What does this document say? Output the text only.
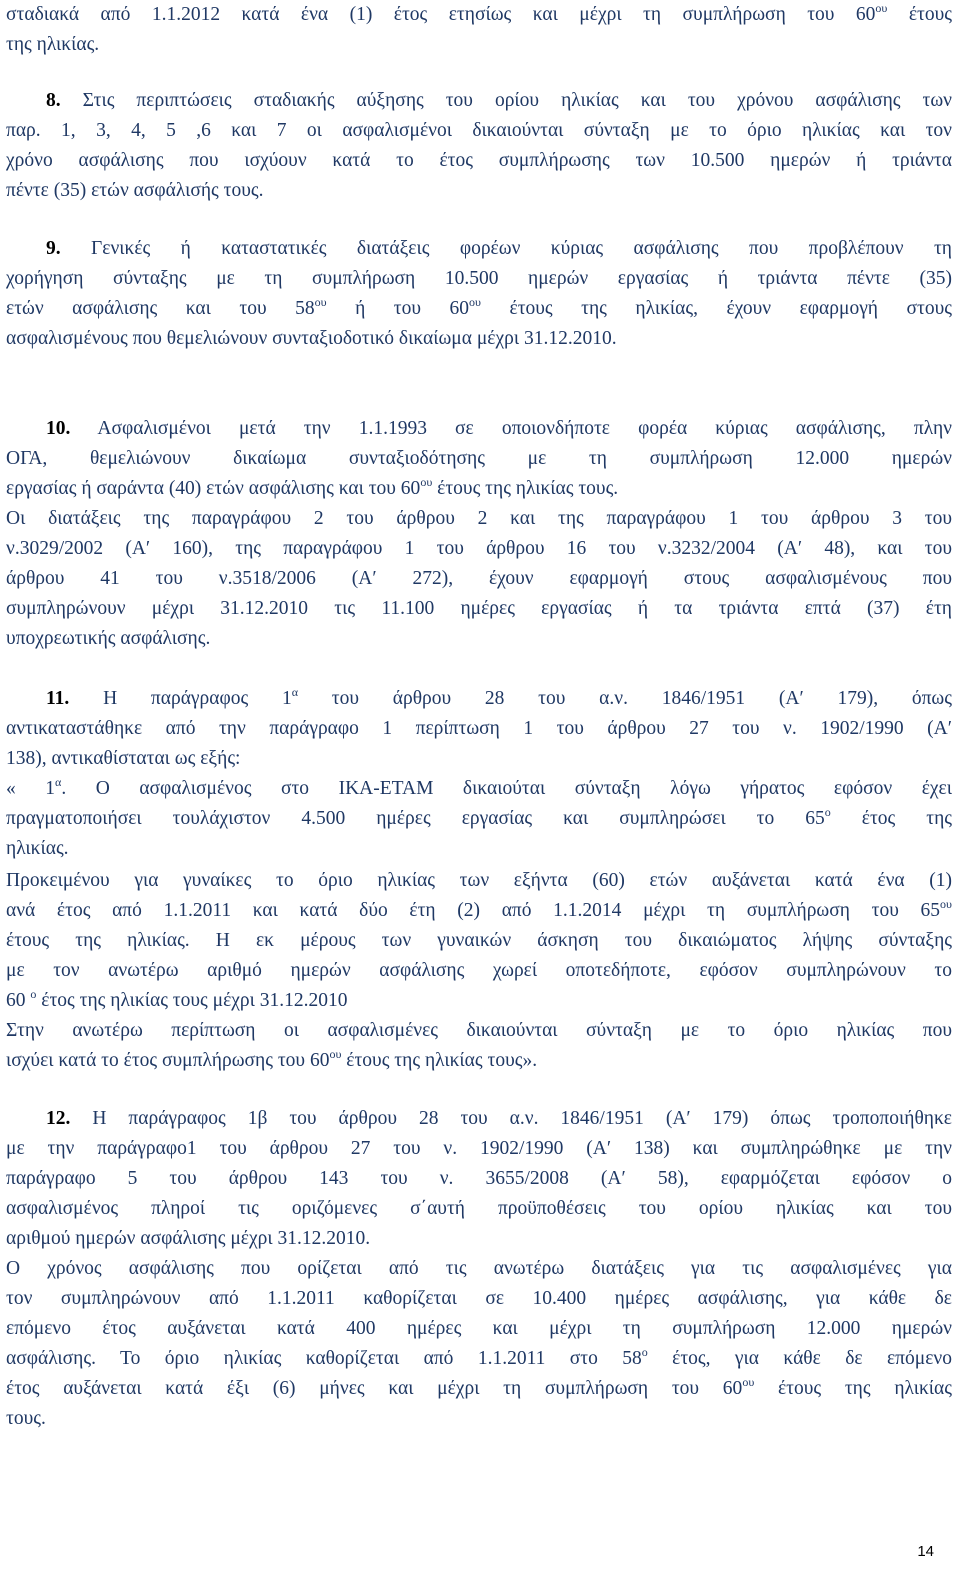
σταδιακά από 1.1.2012 κατά ένα (1) έτος ετησίως και μέχρι τη συμπλήρωση του $60^{o\upsilon}$ έτους
της ηλικίας.
8. Στις περιπτώσεις σταδιακής αύξησης του ορίου ηλικίας και του χρόνου ασφάλισης των
παρ. 1, 3, 4, 5 ,6 και 7 οι ασφαλισμένοι δικαιούνται σύνταξη με το όριο ηλικίας και τον
χρόνο ασφάλισης που ισχύουν κατά το έτος συμπλήρωσης των 10.500 ημερών ή τριάντα
πέντε (35) ετών ασφάλισής τους.
9. Γενικές ή καταστατικές διατάξεις φορέων κύριας ασφάλισης που προβλέπουν τη
χορήγηση σύνταξης με τη συμπλήρωση 10.500 ημερών εργασίας ή τριάντα πέντε (35)
ετών ασφάλισης και του $58^{o\upsilon}$ ή του $60^{o\upsilon}$ έτους της ηλικίας, έχουν εφαρμογή στους
ασφαλισμένους που θεμελιώνουν συνταξιοδοτικό δικαίωμα μέχρι 31.12.2010.
10. Ασφαλισμένοι μετά την 1.1.1993 σε οποιονδήποτε φορέα κύριας ασφάλισης, πλην
ΟΓΑ, θεμελιώνουν δικαίωμα συνταξιοδότησης με τη συμπλήρωση 12.000 ημερών
εργασίας ή σαράντα (40) ετών ασφάλισης και του $60^{o\upsilon}$ έτους της ηλικίας τους.
Οι διατάξεις της παραγράφου 2 του άρθρου 2 και της παραγράφου 1 του άρθρου 3 του
ν.3029/2002 (Α′ 160), της παραγράφου 1 του άρθρου 16 του ν.3232/2004 (Α′ 48), και του
άρθρου 41 του ν.3518/2006 (Α′ 272), έχουν εφαρμογή στους ασφαλισμένους που
συμπληρώνουν μέχρι 31.12.2010 τις 11.100 ημέρες εργασίας ή τα τριάντα επτά (37) έτη
υποχρεωτικής ασφάλισης.
11. Η παράγραφος $1^\alpha$ του άρθρου 28 του α.ν. 1846/1951 (Α′ 179), όπως
αντικαταστάθηκε από την παράγραφο 1 περίπτωση 1 του άρθρου 27 του ν. 1902/1990 (Α′
138), αντικαθίσταται ως εξής:
« $1^\alpha$. Ο ασφαλισμένος στο ΙΚΑ-ΕΤΑΜ δικαιούται σύνταξη λόγω γήρατος εφόσον έχει
πραγματοποιήσει τουλάχιστον 4.500 ημέρες εργασίας και συμπληρώσει το $65^o$ έτος της
ηλικίας.
Προκειμένου για γυναίκες το όριο ηλικίας των εξήντα (60) ετών αυξάνεται κατά ένα (1)
ανά έτος από 1.1.2011 και κατά δύο έτη (2) από 1.1.2014 μέχρι τη συμπλήρωση του $65^{o\upsilon}$
έτους της ηλικίας. Η εκ μέρους των γυναικών άσκηση του δικαιώματος λήψης σύνταξης
με τον ανωτέρω αριθμό ημερών ασφάλισης χωρεί οποτεδήποτε, εφόσον συμπληρώνουν το
60 $^o$ έτος της ηλικίας τους μέχρι 31.12.2010
Στην ανωτέρω περίπτωση οι ασφαλισμένες δικαιούνται σύνταξη με το όριο ηλικίας που
ισχύει κατά το έτος συμπλήρωσης του $60^{o\upsilon}$ έτους της ηλικίας τους».
12. Η παράγραφος 1β του άρθρου 28 του α.ν. 1846/1951 (Α′ 179) όπως τροποποιήθηκε
με την παράγραφο1 του άρθρου 27 του ν. 1902/1990 (Α′ 138) και συμπληρώθηκε με την
παράγραφο 5 του άρθρου 143 του ν. 3655/2008 (Α′ 58), εφαρμόζεται εφόσον ο
ασφαλισμένος πληροί τις οριζόμενες σ΄αυτή προϋποθέσεις του ορίου ηλικίας και του
αριθμού ημερών ασφάλισης μέχρι 31.12.2010.
Ο χρόνος ασφάλισης που ορίζεται από τις ανωτέρω διατάξεις για τις ασφαλισμένες για
τον συμπληρώνουν από 1.1.2011 καθορίζεται σε 10.400 ημέρες ασφάλισης, για κάθε δε
επόμενο έτος αυξάνεται κατά 400 ημέρες και μέχρι τη συμπλήρωση 12.000 ημερών
ασφάλισης. Το όριο ηλικίας καθορίζεται από 1.1.2011 στο $58^o$ έτος, για κάθε δε επόμενο
έτος αυξάνεται κατά έξι (6) μήνες και μέχρι τη συμπλήρωση του $60^{o\upsilon}$ έτους της ηλικίας
τους.
14
